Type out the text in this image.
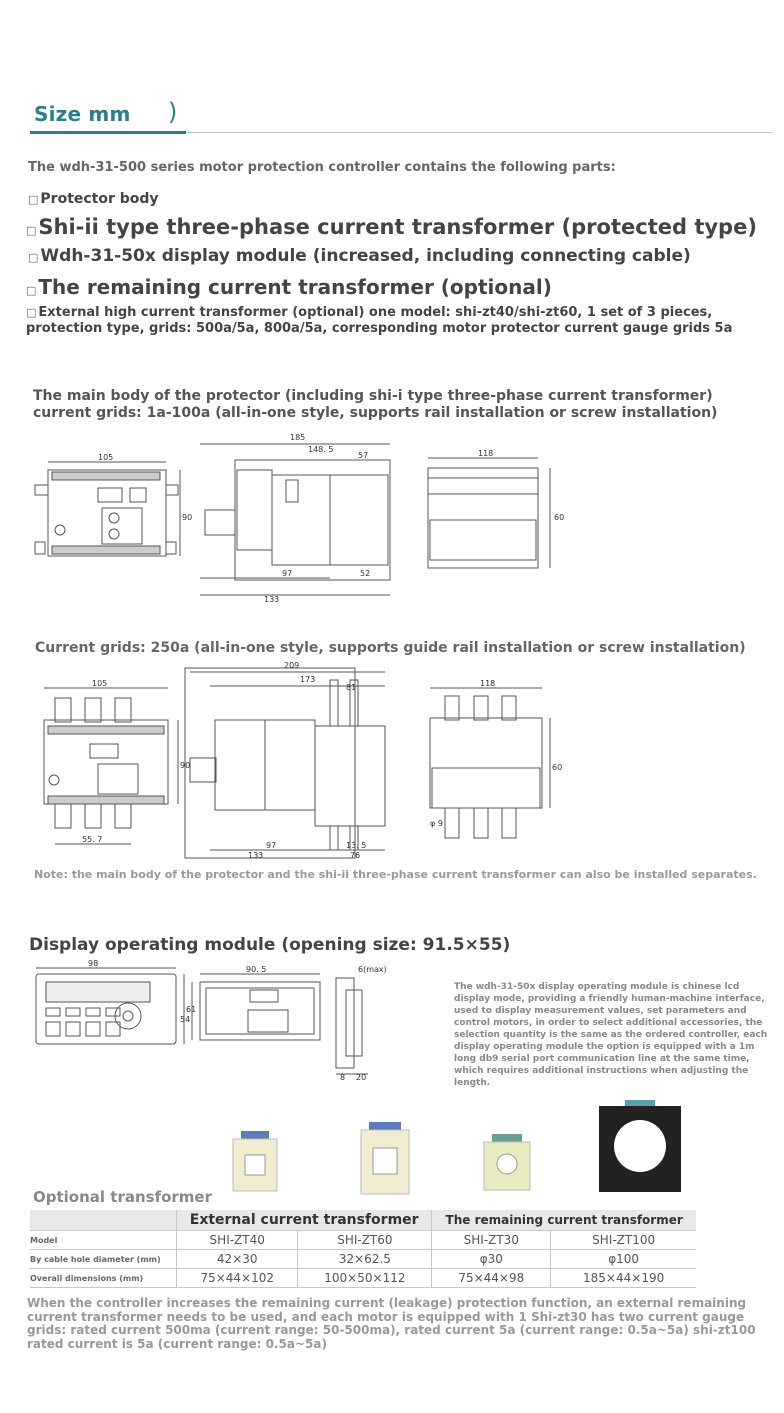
Size mm )
The wdh-31-500 series motor protection controller contains the following parts:
□ Protector body
□Shi-ii type three-phase current transformer (protected type)
□ Wdh-31-50x display module (increased, including connecting cable)
□ The remaining current transformer (optional)
□ External high current transformer (optional) one model: shi-zt40/shi-zt60, 1 set of 3 pieces, protection type, grids: 500a/5a, 800a/5a, corresponding motor protector current gauge grids 5a
The main body of the protector (including shi-i type three-phase current transformer)
current grids: 1a-100a (all-in-one style, supports rail installation or screw installation)
105
90
185
148. 5
57
97	52
133
118
60
Current grids: 250a (all-in-one style, supports guide rail installation or screw installation)
105
90
55. 7
209
173
81
97	13. 5
133	76
118
60
φ 9
Note: the main body of the protector and the shi-ii three-phase current transformer can also be installed separates.
Display operating module (opening size: 91.5×55)
98
61
90. 5
54
6(max)
8 20
The wdh-31-50x display operating module is chinese lcd display mode, providing a friendly human-machine interface, used to display measurement values, set parameters and control motors, in order to select additional accessories, the selection quantity is the same as the ordered controller, each display operating module the option is equipped with a 1m long db9 serial port communication line at the same time, which requires additional instructions when adjusting the length.
Optional transformer
	External current transformer		The remaining current transformer	
Model	SHI-ZT40	SHI-ZT60	SHI-ZT30	SHI-ZT100
By cable hole diameter (mm)	42×30	32×62.5	φ30	φ100
Overall dimensions (mm)	75×44×102	100×50×112	75×44×98	185×44×190
When the controller increases the remaining current (leakage) protection function, an external remaining current transformer needs to be used, and each motor is equipped with 1 Shi-zt30 has two current gauge grids: rated current 500ma (current range: 50-500ma), rated current 5a (current range: 0.5a~5a) shi-zt100 rated current is 5a (current range: 0.5a~5a)
